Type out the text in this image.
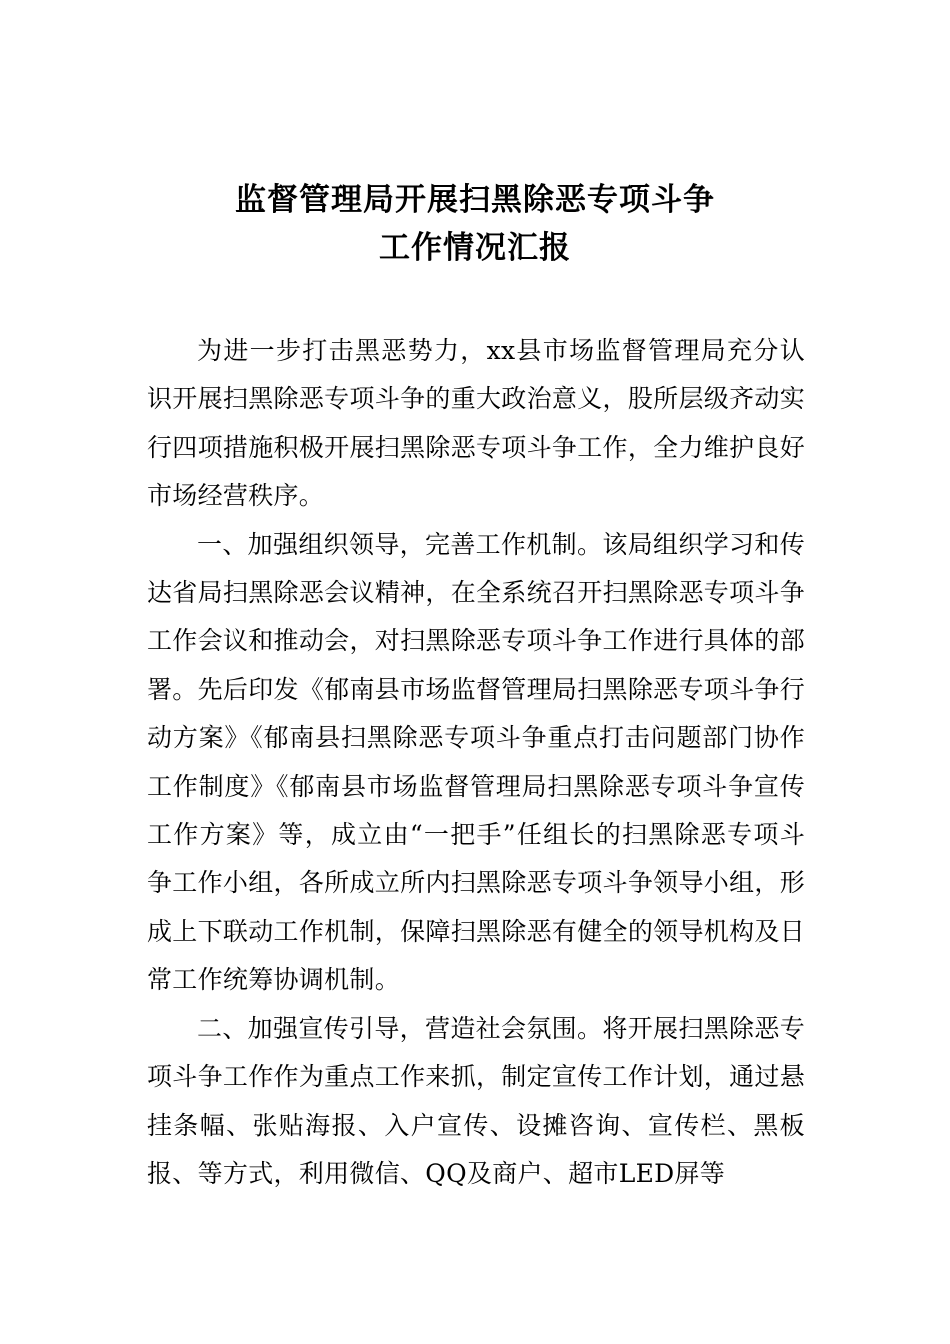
监督管理局开展扫黑除恶专项斗争
工作情况汇报

为进一步打击黑恶势力，xx县市场监督管理局充分认识开展扫黑除恶专项斗争的重大政治意义，股所层级齐动实行四项措施积极开展扫黑除恶专项斗争工作，全力维护良好市场经营秩序。

一、加强组织领导，完善工作机制。该局组织学习和传达省局扫黑除恶会议精神，在全系统召开扫黑除恶专项斗争工作会议和推动会，对扫黑除恶专项斗争工作进行具体的部署。先后印发《郁南县市场监督管理局扫黑除恶专项斗争行动方案》《郁南县扫黑除恶专项斗争重点打击问题部门协作工作制度》《郁南县市场监督管理局扫黑除恶专项斗争宣传工作方案》等，成立由“一把手”任组长的扫黑除恶专项斗争工作小组，各所成立所内扫黑除恶专项斗争领导小组，形成上下联动工作机制，保障扫黑除恶有健全的领导机构及日常工作统筹协调机制。

二、加强宣传引导，营造社会氛围。将开展扫黑除恶专项斗争工作作为重点工作来抓，制定宣传工作计划，通过悬挂条幅、张贴海报、入户宣传、设摊咨询、宣传栏、黑板报、等方式，利用微信、QQ及商户、超市LED屏等
